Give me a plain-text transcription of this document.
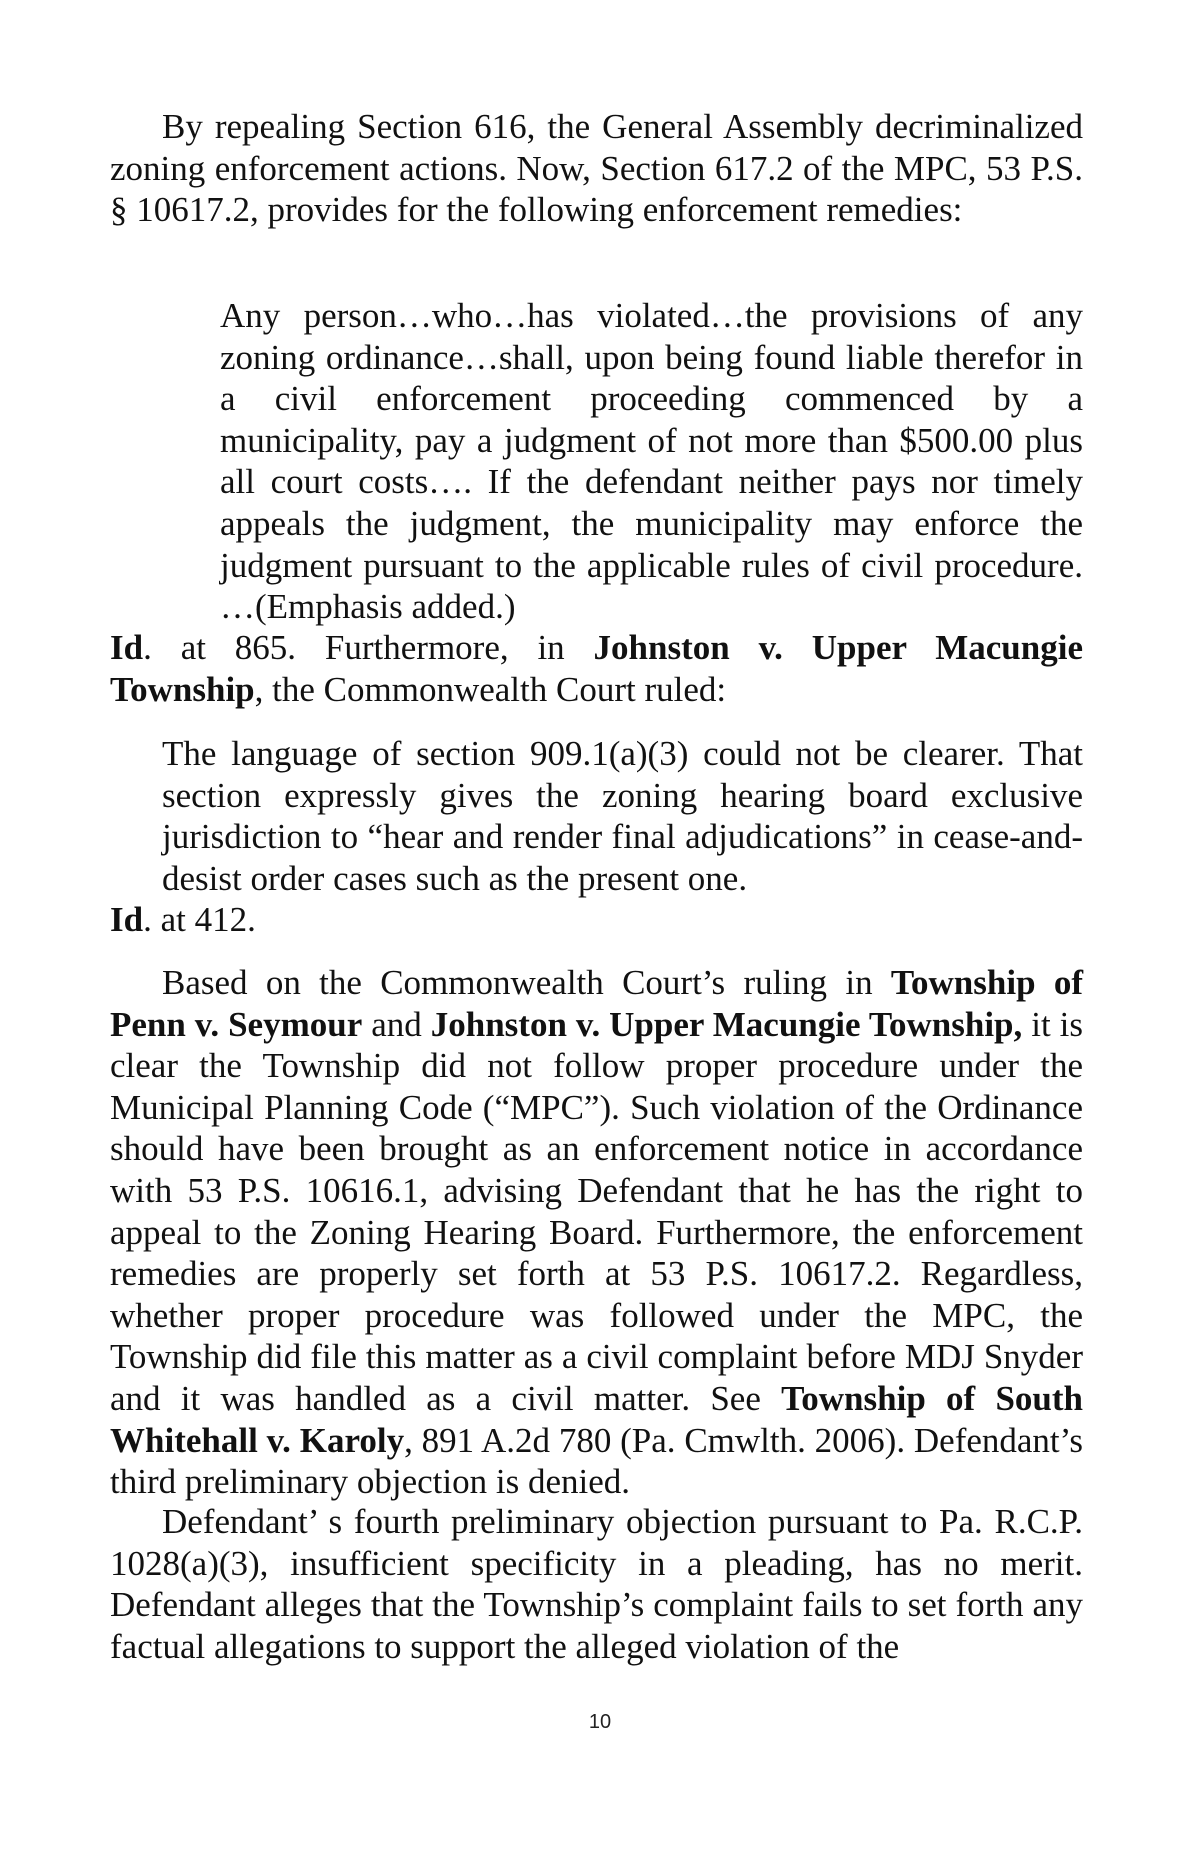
By repealing Section 616, the General Assembly decriminalized zoning enforcement actions. Now, Section 617.2 of the MPC, 53 P.S. § 10617.2, provides for the following enforcement remedies:

Any person…who…has violated…the provisions of any zoning ordinance…shall, upon being found liable therefor in a civil enforcement proceeding commenced by a municipality, pay a judgment of not more than $500.00 plus all court costs…. If the defendant neither pays nor timely appeals the judgment, the municipality may enforce the judgment pursuant to the applicable rules of civil procedure. …(Emphasis added.)

Id. at 865. Furthermore, in Johnston v. Upper Macungie Township, the Commonwealth Court ruled:

The language of section 909.1(a)(3) could not be clearer. That section expressly gives the zoning hearing board exclusive jurisdiction to “hear and render final adjudications” in cease-and-desist order cases such as the present one.

Id. at 412.

Based on the Commonwealth Court’s ruling in Township of Penn v. Seymour and Johnston v. Upper Macungie Township, it is clear the Township did not follow proper procedure under the Municipal Planning Code (“MPC”). Such violation of the Ordinance should have been brought as an enforcement notice in accordance with 53 P.S. 10616.1, advising Defendant that he has the right to appeal to the Zoning Hearing Board. Furthermore, the enforcement remedies are properly set forth at 53 P.S. 10617.2. Regardless, whether proper procedure was followed under the MPC, the Township did file this matter as a civil complaint before MDJ Snyder and it was handled as a civil matter. See Township of South Whitehall v. Karoly, 891 A.2d 780 (Pa. Cmwlth. 2006). Defendant’s third preliminary objection is denied.

Defendant’ s fourth preliminary objection pursuant to Pa. R.C.P. 1028(a)(3), insufficient specificity in a pleading, has no merit. Defendant alleges that the Township’s complaint fails to set forth any factual allegations to support the alleged violation of the

10
